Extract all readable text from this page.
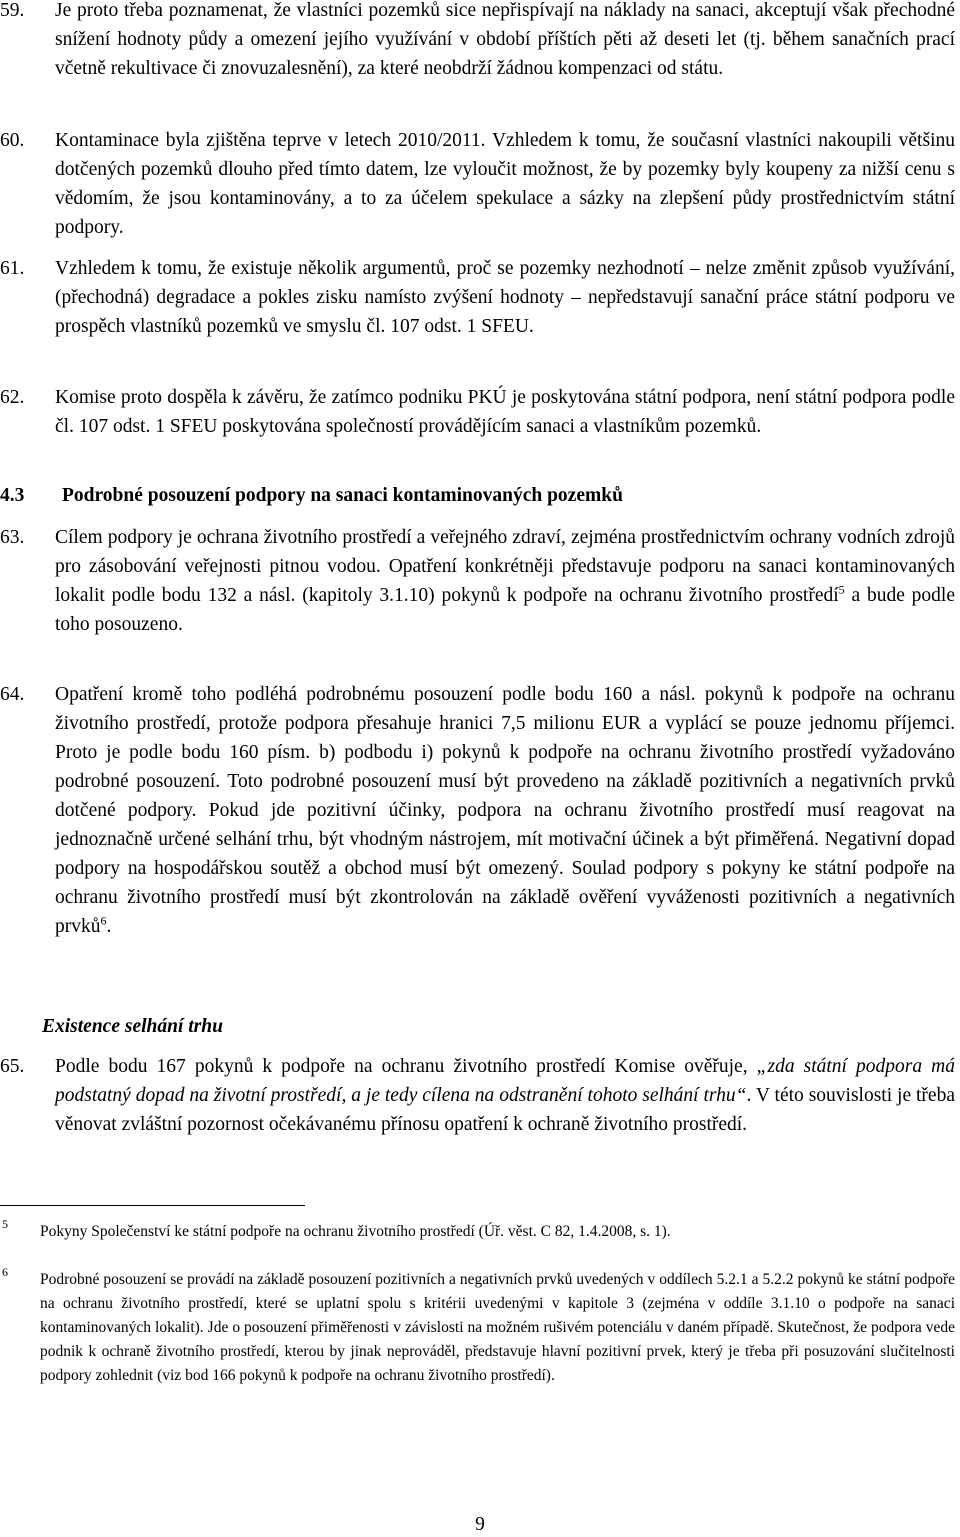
59. Je proto třeba poznamenat, že vlastníci pozemků sice nepřispívají na náklady na sanaci, akceptují však přechodné snížení hodnoty půdy a omezení jejího využívání v období příštích pěti až deseti let (tj. během sanačních prací včetně rekultivace či znovuzalesnění), za které neobdrží žádnou kompenzaci od státu.
60. Kontaminace byla zjištěna teprve v letech 2010/2011. Vzhledem k tomu, že současní vlastníci nakoupili většinu dotčených pozemků dlouho před tímto datem, lze vyloučit možnost, že by pozemky byly koupeny za nižší cenu s vědomím, že jsou kontaminovány, a to za účelem spekulace a sázky na zlepšení půdy prostřednictvím státní podpory.
61. Vzhledem k tomu, že existuje několik argumentů, proč se pozemky nezhodnotí – nelze změnit způsob využívání, (přechodná) degradace a pokles zisku namísto zvýšení hodnoty – nepředstavují sanační práce státní podporu ve prospěch vlastníků pozemků ve smyslu čl. 107 odst. 1 SFEU.
62. Komise proto dospěla k závěru, že zatímco podniku PKÚ je poskytována státní podpora, není státní podpora podle čl. 107 odst. 1 SFEU poskytována společností provádějícím sanaci a vlastníkům pozemků.
4.3 Podrobné posouzení podpory na sanaci kontaminovaných pozemků
63. Cílem podpory je ochrana životního prostředí a veřejného zdraví, zejména prostřednictvím ochrany vodních zdrojů pro zásobování veřejnosti pitnou vodou. Opatření konkrétněji představuje podporu na sanaci kontaminovaných lokalit podle bodu 132 a násl. (kapitoly 3.1.10) pokynů k podpoře na ochranu životního prostředí$^5$ a bude podle toho posouzeno.
64. Opatření kromě toho podléhá podrobnému posouzení podle bodu 160 a násl. pokynů k podpoře na ochranu životního prostředí, protože podpora přesahuje hranici 7,5 milionu EUR a vyplácí se pouze jednomu příjemci. Proto je podle bodu 160 písm. b) podbodu i) pokynů k podpoře na ochranu životního prostředí vyžadováno podrobné posouzení. Toto podrobné posouzení musí být provedeno na základě pozitivních a negativních prvků dotčené podpory. Pokud jde pozitivní účinky, podpora na ochranu životního prostředí musí reagovat na jednoznačně určené selhání trhu, být vhodným nástrojem, mít motivační účinek a být přiměřená. Negativní dopad podpory na hospodářskou soutěž a obchod musí být omezený. Soulad podpory s pokyny ke státní podpoře na ochranu životního prostředí musí být zkontrolován na základě ověření vyváženosti pozitivních a negativních prvků$^6$.
Existence selhání trhu
65. Podle bodu 167 pokynů k podpoře na ochranu životního prostředí Komise ověřuje, „zda státní podpora má podstatný dopad na životní prostředí, a je tedy cílena na odstranění tohoto selhání trhu“. V této souvislosti je třeba věnovat zvláštní pozornost očekávanému přínosu opatření k ochraně životního prostředí.
5 Pokyny Společenství ke státní podpoře na ochranu životního prostředí (Úř. věst. C 82, 1.4.2008, s. 1).
6 Podrobné posouzení se provádí na základě posouzení pozitivních a negativních prvků uvedených v oddílech 5.2.1 a 5.2.2 pokynů ke státní podpoře na ochranu životního prostředí, které se uplatní spolu s kritérii uvedenými v kapitole 3 (zejména v oddíle 3.1.10 o podpoře na sanaci kontaminovaných lokalit). Jde o posouzení přiměřenosti v závislosti na možném rušivém potenciálu v daném případě. Skutečnost, že podpora vede podnik k ochraně životního prostředí, kterou by jinak neprováděl, představuje hlavní pozitivní prvek, který je třeba při posuzování slučitelnosti podpory zohlednit (viz bod 166 pokynů k podpoře na ochranu životního prostředí).
9
